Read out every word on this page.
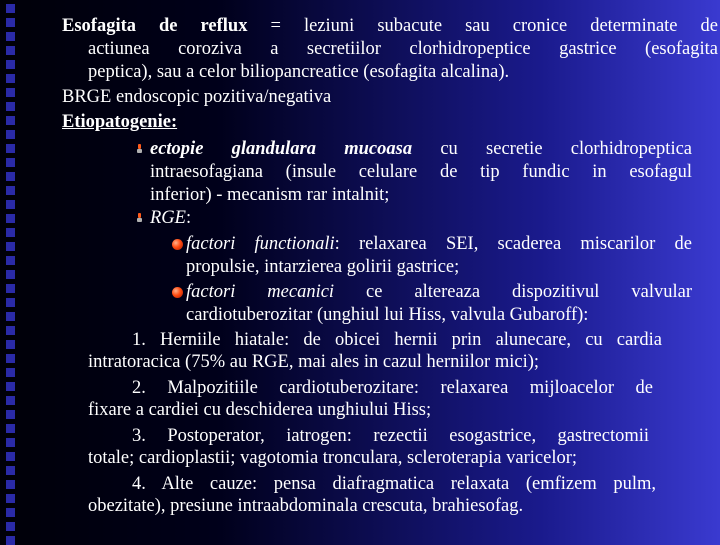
Esofagita de reflux = leziuni subacute sau cronice determinate de
actiunea coroziva a secretiilor clorhidropeptice gastrice (esofagita
peptica), sau a celor biliopancreatice (esofagita alcalina).
BRGE endoscopic pozitiva/negativa
Etiopatogenie:
ectopie glandulara mucoasa cu secretie clorhidropeptica
intraesofagiana (insule celulare de tip fundic in esofagul
inferior) - mecanism rar intalnit;
RGE:
factori functionali: relaxarea SEI, scaderea miscarilor de
propulsie, intarzierea golirii gastrice;
factori mecanici ce altereaza dispozitivul valvular
cardiotuberozitar (unghiul lui Hiss, valvula Gubaroff):
1. Herniile hiatale: de obicei hernii prin alunecare, cu cardia
intratoracica (75% au RGE, mai ales in cazul herniilor mici);
2. Malpozitiile cardiotuberozitare: relaxarea mijloacelor de
fixare a cardiei cu deschiderea unghiului Hiss;
3. Postoperator, iatrogen: rezectii esogastrice, gastrectomii
totale; cardioplastii; vagotomia tronculara, scleroterapia varicelor;
4. Alte cauze: pensa diafragmatica relaxata (emfizem pulm,
obezitate), presiune intraabdominala crescuta, brahiesofag.
